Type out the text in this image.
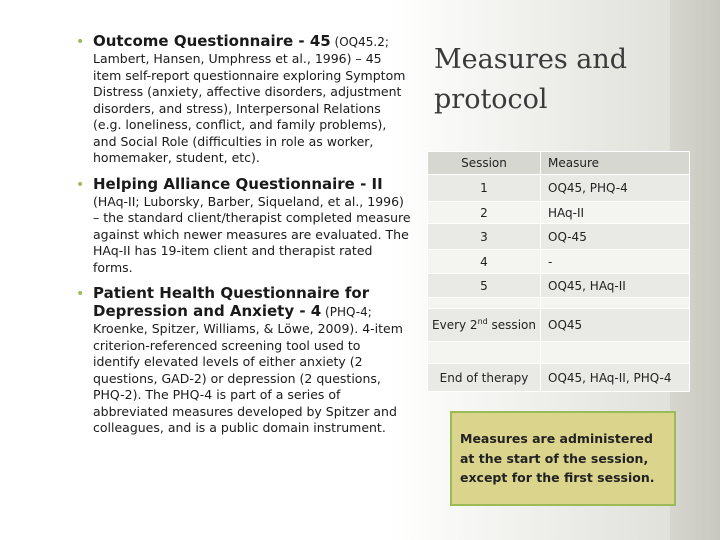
• Outcome Questionnaire - 45 (OQ45.2;
Lambert, Hansen, Umphress et al., 1996) – 45 item self-report questionnaire exploring Symptom Distress (anxiety, affective disorders, adjustment disorders, and stress), Interpersonal Relations (e.g. loneliness, conflict, and family problems), and Social Role (difficulties in role as worker, homemaker, student, etc).
• Helping Alliance Questionnaire - II
(HAq-II; Luborsky, Barber, Siqueland, et al., 1996) – the standard client/therapist completed measure against which newer measures are evaluated. The HAq-II has 19-item client and therapist rated forms.
• Patient Health Questionnaire for Depression and Anxiety - 4 (PHQ-4;
Kroenke, Spitzer, Williams, & Löwe, 2009). 4-item criterion-referenced screening tool used to identify elevated levels of either anxiety (2 questions, GAD-2) or depression (2 questions, PHQ-2). The PHQ-4 is part of a series of abbreviated measures developed by Spitzer and colleagues, and is a public domain instrument.
Measures and
protocol
Session	Measure
1	OQ45, PHQ-4
2	HAq-II
3	OQ-45
4	-
5	OQ45, HAq-II

Every 2nd session	OQ45

End of therapy	OQ45, HAq-II, PHQ-4
Measures are administered at the start of the session, except for the first session.
